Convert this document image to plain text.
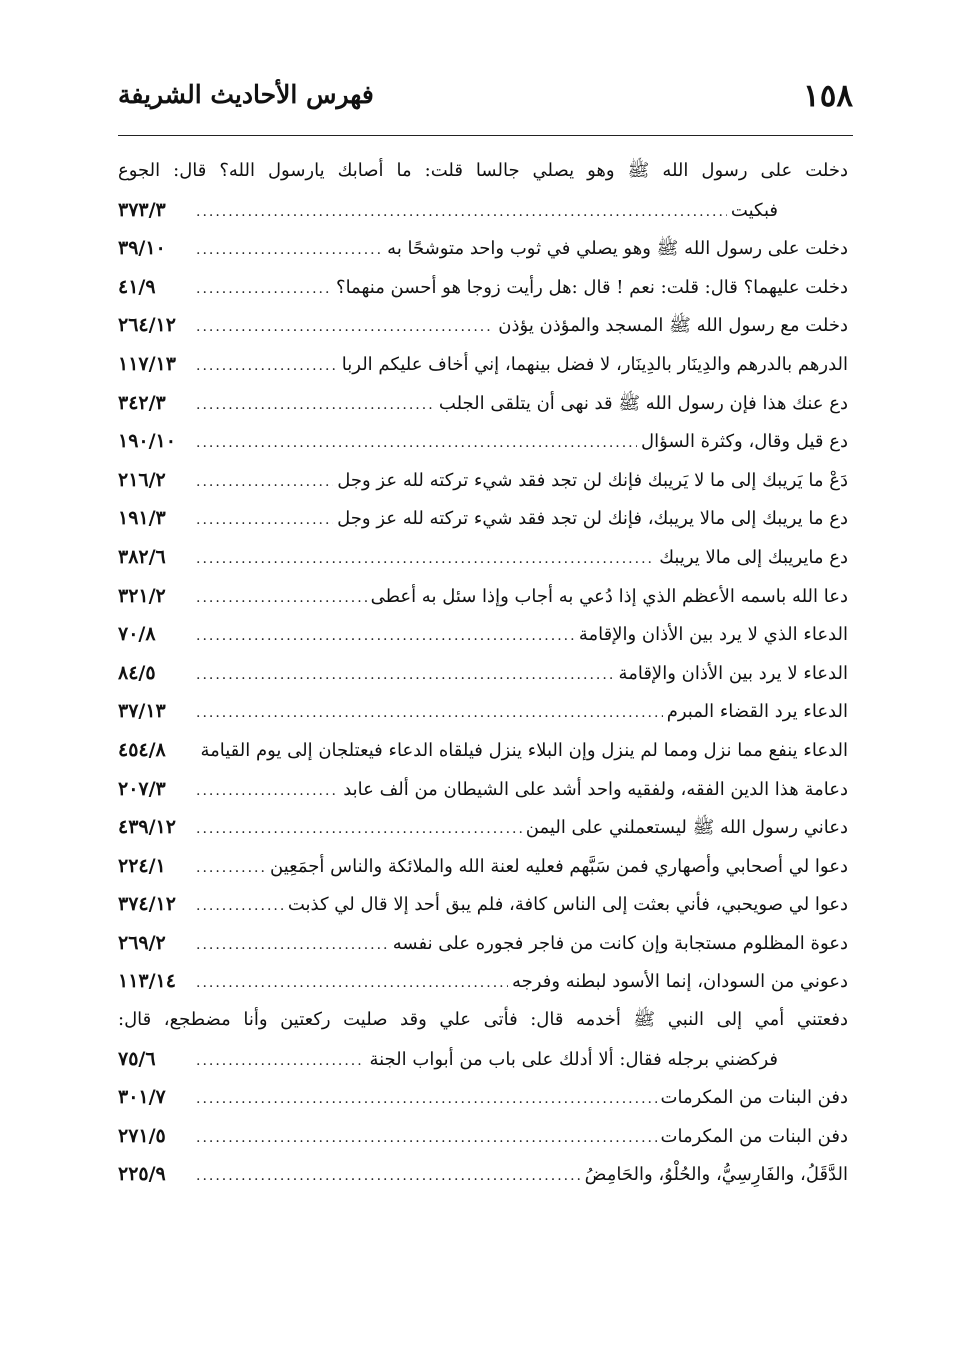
١٥٨
فهرس الأحاديث الشريفة
دخلت على رسول الله ﷺ وهو يصلي جالسا قلت: ما أصابك يارسول الله؟ قال: الجوع
فبكيت
.....
٣٧٣/٣
دخلت على رسول الله ﷺ وهو يصلي في ثوب واحد متوشحًا به
.....
٣٩/١٠
دخلت عليهما؟ قال: قلت: نعم ! قال :هل رأيت زوجا هو أحسن منهما؟
.....
٤١/٩
دخلت مع رسول الله ﷺ المسجد والمؤذن يؤذن
.....
٢٦٤/١٢
الدرهم بالدرهم والدِينَار بالدِينَار، لا فضل بينهما، إني أخاف عليكم الربا
.....
١١٧/١٣
دع عنك هذا فإن رسول الله ﷺ قد نهى أن يتلقى الجلب
.....
٣٤٢/٣
دع قيل وقال، وكثرة السؤال
.....
١٩٠/١٠
دَعْ ما يَريبك إلى ما لا يَريبك فإنك لن تجد فقد شيء تركته لله عز وجل
.....
٢١٦/٢
دع ما يريبك إلى مالا يريبك، فإنك لن تجد فقد شيء تركته لله عز وجل
.....
١٩١/٣
دع مايريبك إلى مالا يريبك
.....
٣٨٢/٦
دعا الله باسمه الأعظم الذي إذا دُعي به أجاب وإذا سئل به أعطى
.....
٣٢١/٢
الدعاء الذي لا يرد بين الأذان والإقامة
.....
٧٠/٨
الدعاء لا يرد بين الأذان والإقامة
.....
٨٤/٥
الدعاء يرد القضاء المبرم
.....
٣٧/١٣
الدعاء ينفع مما نزل ومما لم ينزل وإن البلاء ينزل فيلقاه الدعاء فيعتلجان إلى يوم القيامة
.....
٤٥٤/٨
دعامة هذا الدين الفقه، ولفقيه واحد أشد على الشيطان من ألف عابد
.....
٢٠٧/٣
دعاني رسول الله ﷺ ليستعملني على اليمن
.....
٤٣٩/١٢
دعوا لي أصحابي وأصهاري فمن سَبَّهم فعليه لعنة الله والملائكة والناس أجمَعِين
.....
٢٢٤/١
دعوا لي صويحبي، فأني بعثت إلى الناس كافة، فلم يبق أحد إلا قال لي كذبت
.....
٣٧٤/١٢
دعوة المظلوم مستجابة وإن كانت من فاجر فجوره على نفسه
.....
٢٦٩/٢
دعوني من السودان، إنما الأسود لبطنه وفرجه
.....
١١٣/١٤
دفعتني أمي إلى النبي ﷺ أخدمه قال: فأتى علي وقد صليت ركعتين وأنا مضطجع، قال:
فركضني برجله فقال: ألا أدلك على باب من أبواب الجنة
.....
٧٥/٦
دفن البنات من المكرمات
.....
٣٠١/٧
دفن البنات من المكرمات
.....
٢٧١/٥
الدَّقَلُ، والفَارِسِيُّ، والحُلْوُ، والحَامِضُ
.....
٢٢٥/٩
